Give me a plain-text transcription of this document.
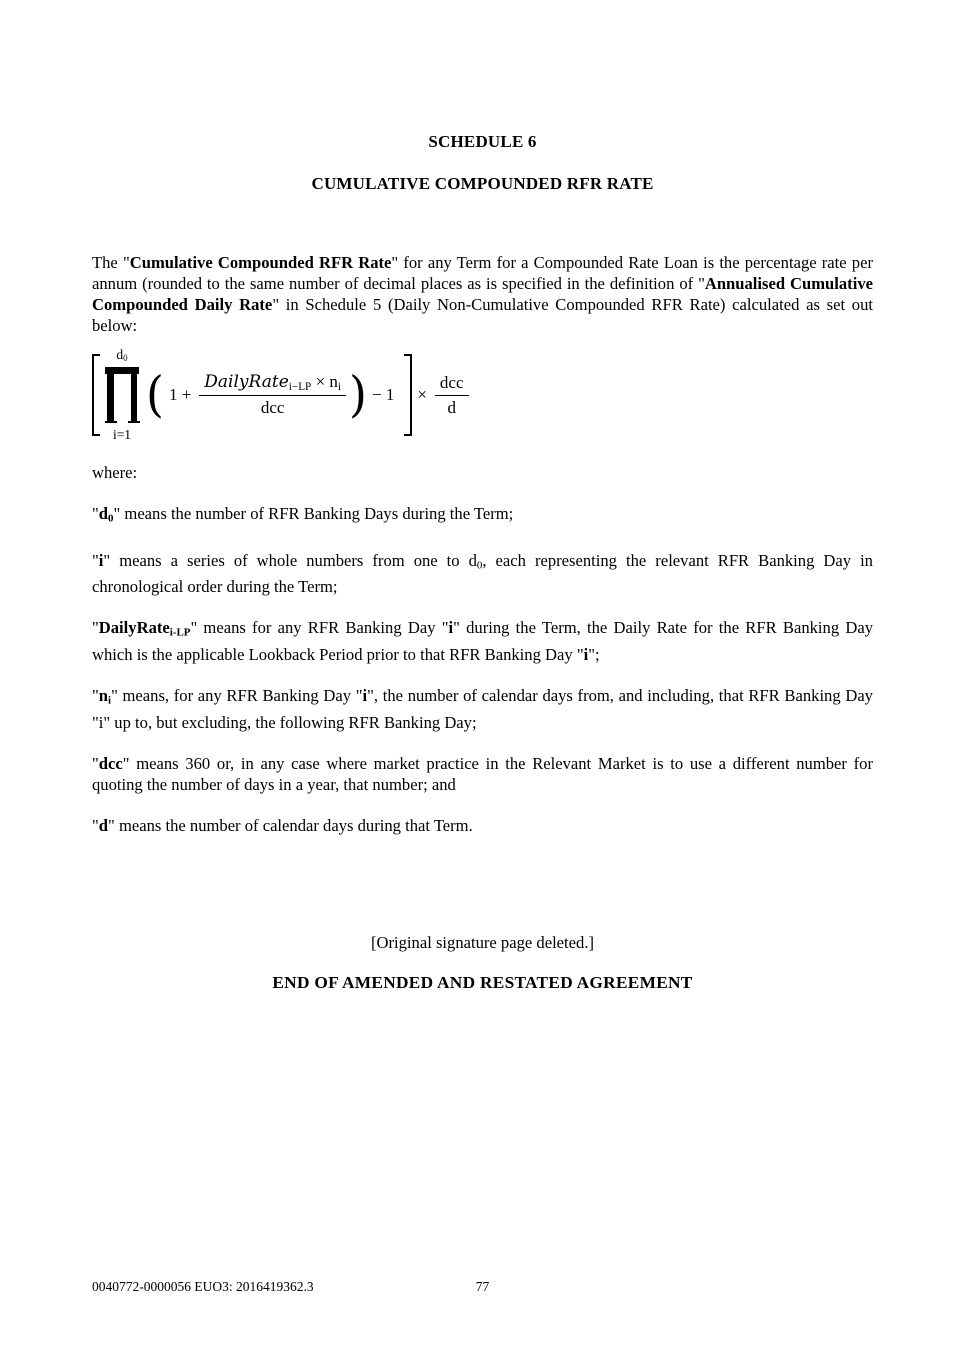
SCHEDULE 6
CUMULATIVE COMPOUNDED RFR RATE

The "Cumulative Compounded RFR Rate" for any Term for a Compounded Rate Loan is the percentage rate per annum (rounded to the same number of decimal places as is specified in the definition of "Annualised Cumulative Compounded Daily Rate" in Schedule 5 (Daily Non-Cumulative Compounded RFR Rate) calculated as set out below:

$d_0$
i=1
( $1 + \frac{DailyRate_{i-LP} \times n_i}{\text{dcc}}$ ) − $1 \times \frac{\text{dcc}}{d}$

where:

"$d_0$" means the number of RFR Banking Days during the Term;

"i" means a series of whole numbers from one to $d_0$, each representing the relevant RFR Banking Day in chronological order during the Term;

"DailyRate$_{i-LP}$" means for any RFR Banking Day "i" during the Term, the Daily Rate for the RFR Banking Day which is the applicable Lookback Period prior to that RFR Banking Day "i";

"$n_i$" means, for any RFR Banking Day "i", the number of calendar days from, and including, that RFR Banking Day "i" up to, but excluding, the following RFR Banking Day;

"dcc" means 360 or, in any case where market practice in the Relevant Market is to use a different number for quoting the number of days in a year, that number; and

"d" means the number of calendar days during that Term.

[Original signature page deleted.]

END OF AMENDED AND RESTATED AGREEMENT

0040772-0000056 EUO3: 2016419362.3	77
